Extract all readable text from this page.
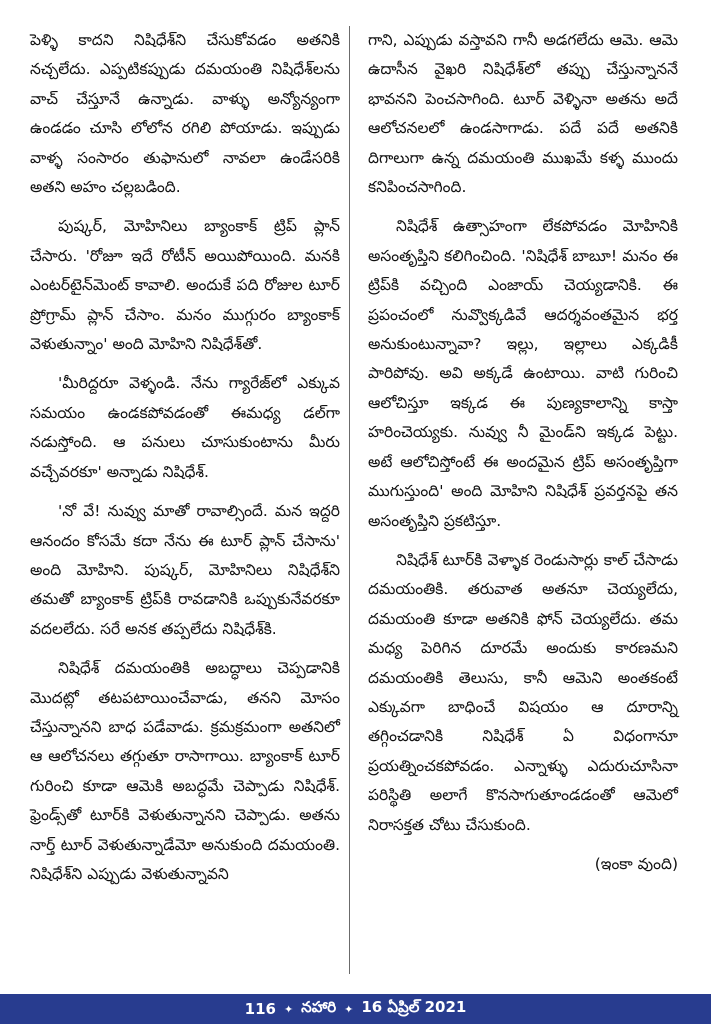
పెళ్ళి కాదని నిషిధేశ్‌ని చేసుకోవడం అతనికి నచ్చలేదు. ఎప్పటికప్పుడు దమయంతి నిషిధేశ్‌లను వాచ్ చేస్తూనే ఉన్నాడు. వాళ్ళు అన్యోన్యంగా ఉండడం చూసి లోలోన రగిలి పోయాడు. ఇప్పుడు వాళ్ళ సంసారం తుఫానులో నావలా ఉండేసరికి అతని అహం చల్లబడింది.

పుష్కర్, మోహినిలు బ్యాంకాక్ ట్రిప్ ప్లాన్ చేసారు. 'రోజూ ఇదే రోటీన్ అయిపోయింది. మనకి ఎంటర్‌టైన్‌మెంట్ కావాలి. అందుకే పది రోజుల టూర్ ప్రోగ్రామ్ ప్లాన్ చేసాం. మనం ముగ్గురం బ్యాంకాక్ వెళుతున్నాం' అంది మోహిని నిషిధేశ్‌తో.

'మీరిద్దరూ వెళ్ళండి. నేను గ్యారేజ్‌లో ఎక్కువ సమయం ఉండకపోవడంతో ఈమధ్య డల్‌గా నడుస్తోంది. ఆ పనులు చూసుకుంటాను మీరు వచ్చేవరకూ' అన్నాడు నిషిధేశ్.

'నో వే! నువ్వు మాతో రావాల్సిందే. మన ఇద్దరి ఆనందం కోసమే కదా నేను ఈ టూర్ ప్లాన్ చేసాను' అంది మోహిని. పుష్కర్, మోహినిలు నిషిధేశ్‌ని తమతో బ్యాంకాక్ ట్రిప్‌కి రావడానికి ఒప్పుకునేవరకూ వదలలేదు. సరే అనక తప్పలేదు నిషిధేశ్‌కి.

నిషిధేశ్ దమయంతికి అబద్ధాలు చెప్పడానికి మొదట్లో తటపటాయించేవాడు, తనని మోసం చేస్తున్నానని బాధ పడేవాడు. క్రమక్రమంగా అతనిలో ఆ ఆలోచనలు తగ్గుతూ రాసాగాయి. బ్యాంకాక్ టూర్ గురించి కూడా ఆమెకి అబద్ధమే చెప్పాడు నిషిధేశ్. ఫ్రెండ్స్‌తో టూర్‌కి వెళుతున్నానని చెప్పాడు. అతను నార్త్ టూర్ వెళుతున్నాడేమో అనుకుంది దమయంతి. నిషిధేశ్‌ని ఎప్పుడు వెళుతున్నావని

గాని, ఎప్పుడు వస్తావని గానీ అడగలేదు ఆమె. ఆమె ఉదాసీన వైఖరి నిషిధేశ్‌లో తప్పు చేస్తున్నాననే భావనని పెంచసాగింది. టూర్ వెళ్ళినా అతను అదే ఆలోచనలలో ఉండసాగాడు. పదే పదే అతనికి దిగాలుగా ఉన్న దమయంతి ముఖమే కళ్ళ ముందు కనిపించసాగింది.

నిషిధేశ్ ఉత్సాహంగా లేకపోవడం మోహినికి అసంతృప్తిని కలిగించింది. 'నిషిధేశ్ బాబూ! మనం ఈ ట్రిప్‌కి వచ్చింది ఎంజాయ్ చెయ్యడానికి. ఈ ప్రపంచంలో నువ్వొక్కడివే ఆదర్శవంతమైన భర్త అనుకుంటున్నావా? ఇల్లు, ఇల్లాలు ఎక్కడికీ పారిపోవు. అవి అక్కడే ఉంటాయి. వాటి గురించి ఆలోచిస్తూ ఇక్కడ ఈ పుణ్యకాలాన్ని కాస్తా హరించెయ్యకు. నువ్వు నీ మైండ్‌ని ఇక్కడ పెట్టు. అటే ఆలోచిస్తోంటే ఈ అందమైన ట్రిప్ అసంతృప్తిగా ముగుస్తుంది' అంది మోహిని నిషిధేశ్ ప్రవర్తనపై తన అసంతృప్తిని ప్రకటిస్తూ.

నిషిధేశ్ టూర్‌కి వెళ్ళాక రెండుసార్లు కాల్ చేసాడు దమయంతికి. తరువాత అతనూ చెయ్యలేదు, దమయంతి కూడా అతనికి ఫోన్ చెయ్యలేదు. తమ మధ్య పెరిగిన దూరమే అందుకు కారణమని దమయంతికి తెలుసు, కానీ ఆమెని అంతకంటే ఎక్కువగా బాధించే విషయం ఆ దూరాన్ని తగ్గించడానికి నిషిధేశ్ ఏ విధంగానూ ప్రయత్నించకపోవడం. ఎన్నాళ్ళు ఎదురుచూసినా పరిస్థితి అలాగే కొనసాగుతూండడంతో ఆమెలో నిరాసక్తత చోటు చేసుకుంది.

(ఇంకా వుంది)
116 ✦ నహారి ✦ 16 ఏప్రిల్ 2021
